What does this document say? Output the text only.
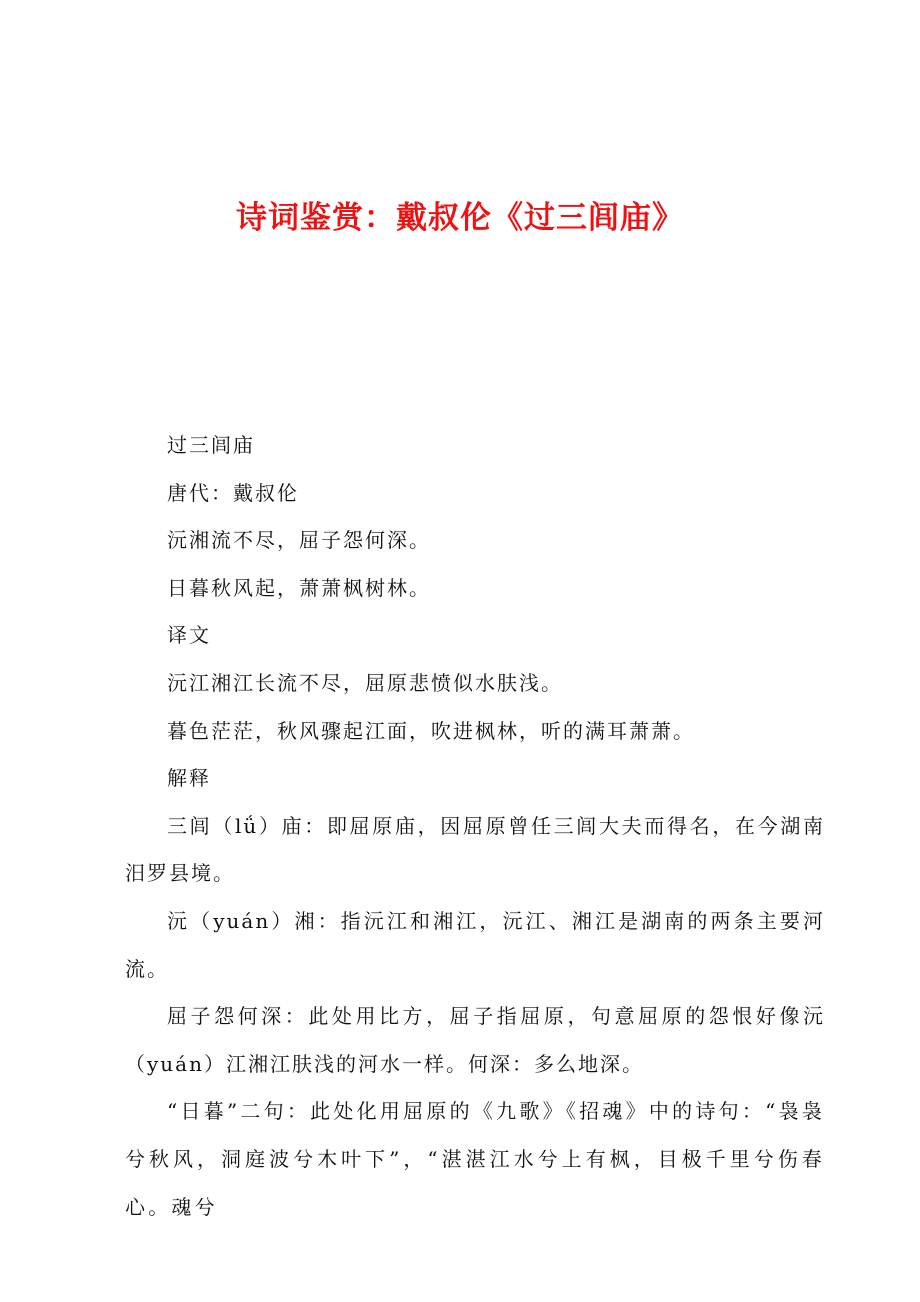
诗词鉴赏：戴叔伦《过三闾庙》

过三闾庙

唐代：戴叔伦

沅湘流不尽，屈子怨何深。

日暮秋风起，萧萧枫树林。

译文

沅江湘江长流不尽，屈原悲愤似水肤浅。

暮色茫茫，秋风骤起江面，吹进枫林，听的满耳萧萧。

解释

三闾（lǘ）庙：即屈原庙，因屈原曾任三闾大夫而得名，在今湖南汨罗县境。

沅（yuán）湘：指沅江和湘江，沅江、湘江是湖南的两条主要河流。

屈子怨何深：此处用比方，屈子指屈原，句意屈原的怨恨好像沅（yuán）江湘江肤浅的河水一样。何深：多么地深。

“日暮”二句：此处化用屈原的《九歌》《招魂》中的诗句：“袅袅兮秋风，洞庭波兮木叶下”，“湛湛江水兮上有枫，目极千里兮伤春心。魂兮
